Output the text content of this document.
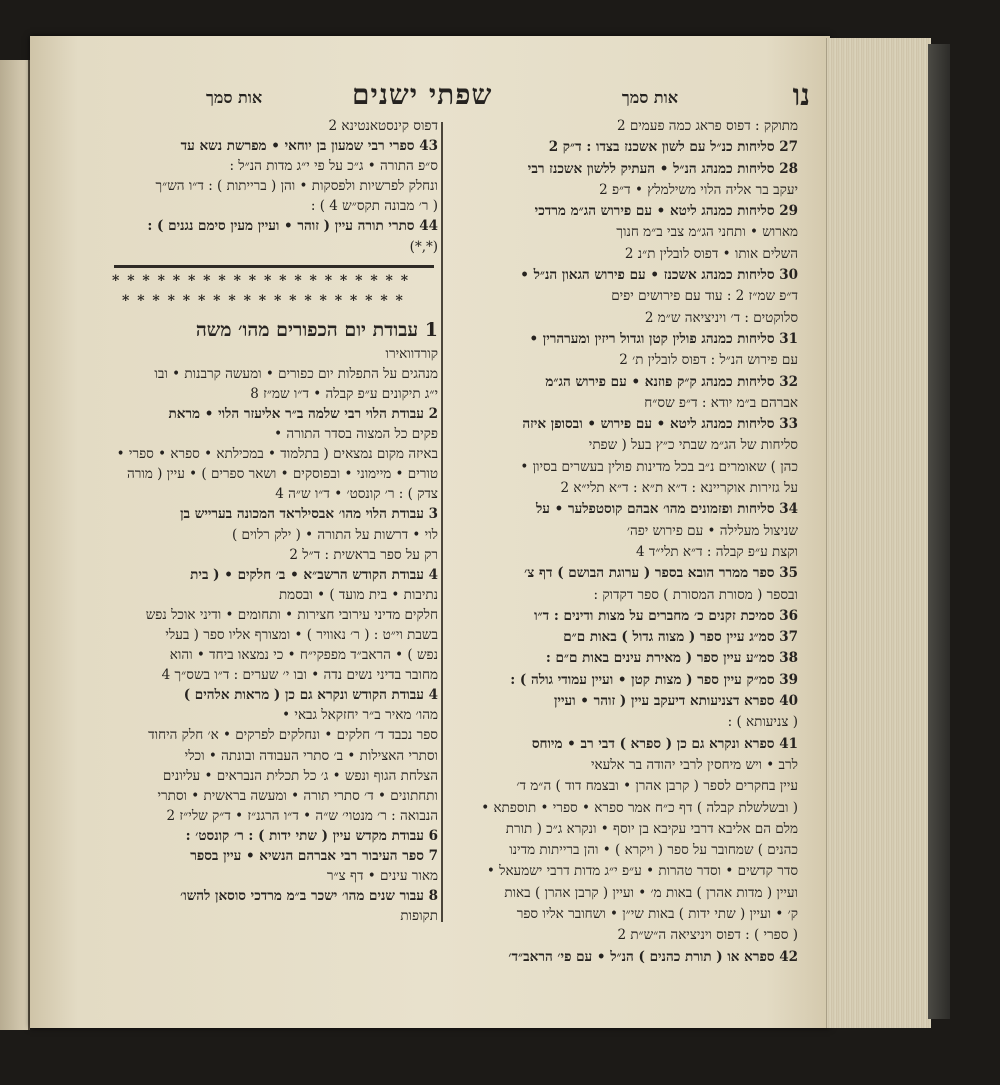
אות סמך	שפתי ישנים	אות סמך	נו
מתוקק : דפוס פראג כמה פעמים 2
27 סליחות כנ״ל עם לשון אשכנז בצדו : ד״ק 2
28 סליחות כמנהג הנ״ל • העתיק ללשון אשכנז רבי
יעקב בר אליה הלוי משילמלץ • ד״פ 2
29 סליחות כמנהג ליטא • עם פירוש הג״מ מרדכי
מארוש • ותחני הג״מ צבי ב״מ חנוך
השלים אותו • דפוס לובלין ת״נ 2
30 סליחות כמנהג אשכנז • עם פירוש הגאון הנ״ל •
ד״פ שמ״ז 2 : עוד עם פירושים יפים
סלוקטים : ד׳ ויניציאה ש״מ 2
31 סליחות כמנהג פולין קטן וגדול ריזין ומערהרין •
עם פירוש הנ״ל : דפוס לובלין ת׳ 2
32 סליחות כמנהג ק״ק פוזנא • עם פירוש הג״מ
אברהם ב״מ יודא : ד״פ שס״ח
33 סליחות כמנהג ליטא • עם פירוש • ובסופן איזה
סליחות של הג״מ שבתי כ״ץ בעל ( שפתי
כהן ) שאומרים נ״ב בכל מדינות פולין בעשרים בסיון •
על גזירות אוקריינא : ד״א ת״א : ד״א תלי״א 2
34 סליחות ופזמונים מהו׳ אבהם קוסטפלער • על
שניצול מעלילה • עם פירוש יפה׳
וקצת ע״פ קבלה : ד״א תלי״ד 4
35 ספר ממרר הובא בספר ( ערוגת הבושם ) דף צ׳
ובספר ( מסורת המסורת ) ספר דקדוק :
36 סמיכת זקנים כ׳ מחברים על מצות ודינים : ד״ו
37 סמ״ג עיין ספר ( מצוה גדול ) באות ם״ם
38 סמ״ע עיין ספר ( מאירת עינים באות ם״ם :
39 סמ״ק עיין ספר ( מצות קטן • ועיין עמודי גולה ) :
40 ספרא דצניעותא דיעקב עיין ( זוהר • ועיין
( צניעותא ) :
41 ספרא ונקרא גם כן ( ספרא ) דבי רב • מיוחס
לרב • ויש מיחסין לרבי יהודה בר אלעאי
עיין בחקרים לספר ( קרבן אהרן • ובצמח דוד ) ה״מ ד׳
( ובשלשלת קבלה ) דף כ״ח אמר ספרא • ספרי • תוספתא •
מלם הם אליבא דרבי עקיבא בן יוסף • ונקרא ג״כ ( תורת
כהנים ) שמחובר על ספר ( ויקרא ) • והן ברייתות מדינו
סדר קדשים • וסדר טהרות • ע״פ י״ג מדות דרבי ישמעאל •
ועיין ( מדות אהרן ) באות מ׳ • ועיין ( קרבן אהרן ) באות
ק׳ • ועיין ( שתי ידות ) באות שי״ן • ושחובר אליו ספר
( ספרי ) : דפוס ויניציאה ה״ש״ת 2
42 ספרא או ( תורת כהנים ) הנ״ל • עם פי׳ הראב״ד׳
דפוס קינסטאנטינא 2
43 ספרי רבי שמעון בן יוחאי • מפרשת נשא עד
ס״פ התורה • ג״כ על פי י״ג מדות הנ״ל :
ונחלק לפרשיות ולפסקות • והן ( ברייתות ) : ד״ו הש״ך
( ר׳ מבונה תקס״ש 4 ) :
44 סתרי תורה עיין ( זוהר • ועיין מעין סימם נגנים ) :
(*,*)
* * * * * * * * * * * * * * * * * * * *
* * * * * * * * * * * * * * * * * * *
1 עבודת יום הכפורים מהו׳ משה
קורדוואירו
מנהגים על התפלות יום כפורים • ומעשה קרבנות • ובו
י״ג תיקונים ע״פ קבלה • ד״ו שמ״ז 8
2 עבודת הלוי רבי שלמה ב״ר אליעזר הלוי • מראת
פקים כל המצוה בסדר התורה •
באיזה מקום נמצאים ( בתלמוד • במכילתא • ספרא • ספרי •
טורים • מיימוני • ובפוסקים • ושאר ספרים ) • עיין ( מורה
צדק ) : ר׳ קונסט׳ • ד״ו ש״ה 4
3 עבודת הלוי מהו׳ אבסילראד המכונה בערייש בן
לוי • דרשות על התורה • ( ילק רלוים )
רק על ספר בראשית : ד״ל 2
4 עבודת הקודש הרשב״א • ב׳ חלקים • ( בית
נתיבות • בית מועד ) • ובסמת
חלקים מדיני עירובי חצירות • ותחומים • ודיני אוכל נפש
בשבת וי״ט : ( ר׳ נאוויר ) • ומצורף אליו ספר ( בעלי
נפש ) • הראב״ד מפפקי״ח • כי נמצאו ביחד • והוא
מחובר בדיני נשים נדה • ובו י׳ שערים : ד״ו בשס״ך 4
4 עבודת הקודש ונקרא גם כן ( מראות אלהים )
מהו׳ מאיר ב״ר יחזקאל גבאי •
ספר נכבד ד׳ חלקים • ונחלקים לפרקים • א׳ חלק היחוד
וסתרי האצילות • ב׳ סתרי העבודה ובונתה • וכלי
הצלחת הגוף ונפש • ג׳ כל תכלית הנבראים • עליונים
ותחתונים • ד׳ סתרי תורה • ומעשה בראשית • וסתרי
הנבואה : ר׳ מנטוי׳ ש״ה • ד״ו הרגנ״ז • ד״ק שלי״ז 2
6 עבודת מקדש עיין ( שתי ידות ) : ר׳ קונסט׳ :
7 ספר העיבור רבי אברהם הנשיא • עיין בספר
מאור עינים • דף צ״ר
8 עבור שנים מהו׳ ישכר ב״מ מרדכי סוסאן להשו׳
תקופות
